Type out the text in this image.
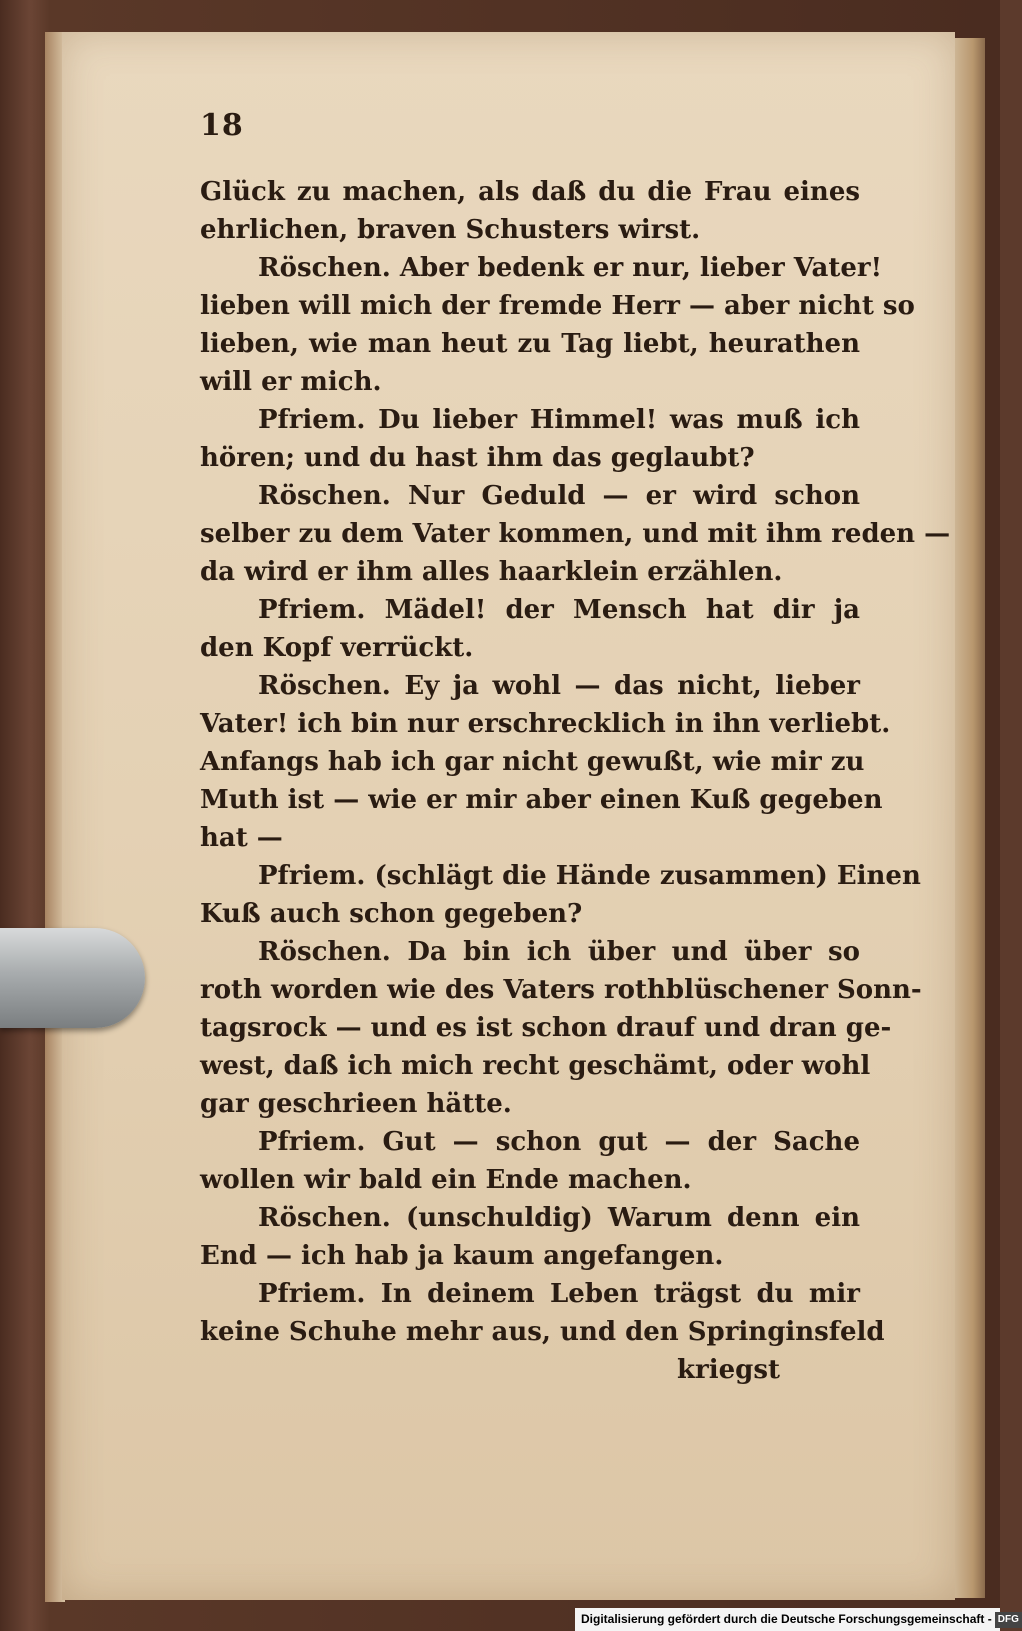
18
Glück zu machen, als daß du die Frau eines
ehrlichen, braven Schusters wirst.
Röschen. Aber bedenk er nur, lieber Vater!
lieben will mich der fremde Herr — aber nicht so
lieben, wie man heut zu Tag liebt, heurathen
will er mich.
Pfriem. Du lieber Himmel! was muß ich
hören; und du hast ihm das geglaubt?
Röschen. Nur Geduld — er wird schon
selber zu dem Vater kommen, und mit ihm reden —
da wird er ihm alles haarklein erzählen.
Pfriem. Mädel! der Mensch hat dir ja
den Kopf verrückt.
Röschen. Ey ja wohl — das nicht, lieber
Vater! ich bin nur erschrecklich in ihn verliebt.
Anfangs hab ich gar nicht gewußt, wie mir zu
Muth ist — wie er mir aber einen Kuß gegeben
hat —
Pfriem. (schlägt die Hände zusammen) Einen
Kuß auch schon gegeben?
Röschen. Da bin ich über und über so
roth worden wie des Vaters rothblüschener Sonn-
tagsrock — und es ist schon drauf und dran ge-
west, daß ich mich recht geschämt, oder wohl
gar geschrieen hätte.
Pfriem. Gut — schon gut — der Sache
wollen wir bald ein Ende machen.
Röschen. (unschuldig) Warum denn ein
End — ich hab ja kaum angefangen.
Pfriem. In deinem Leben trägst du mir
keine Schuhe mehr aus, und den Springinsfeld
kriegst
Digitalisierung gefördert durch die Deutsche Forschungsgemeinschaft - DFG
